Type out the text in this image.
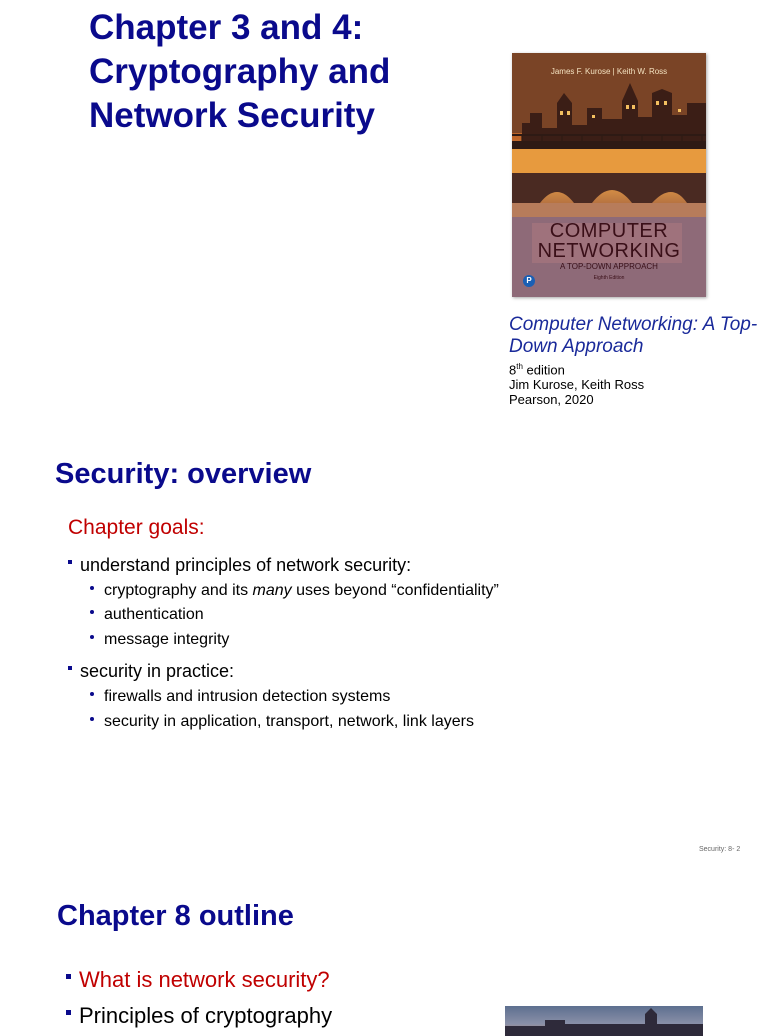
Chapter 3 and 4: Cryptography and Network Security
James F. Kurose | Keith W. Ross
COMPUTER
NETWORKING
A TOP-DOWN APPROACH
Eighth Edition
P
Computer Networking: A Top-Down Approach
8th edition
Jim Kurose, Keith Ross
Pearson, 2020
Security: overview
Chapter goals:
understand principles of network security:
cryptography and its many uses beyond “confidentiality”
authentication
message integrity
security in practice:
firewalls and intrusion detection systems
security in application, transport, network, link layers
Security: 8- 2
Chapter 8 outline
What is network security?
Principles of cryptography
